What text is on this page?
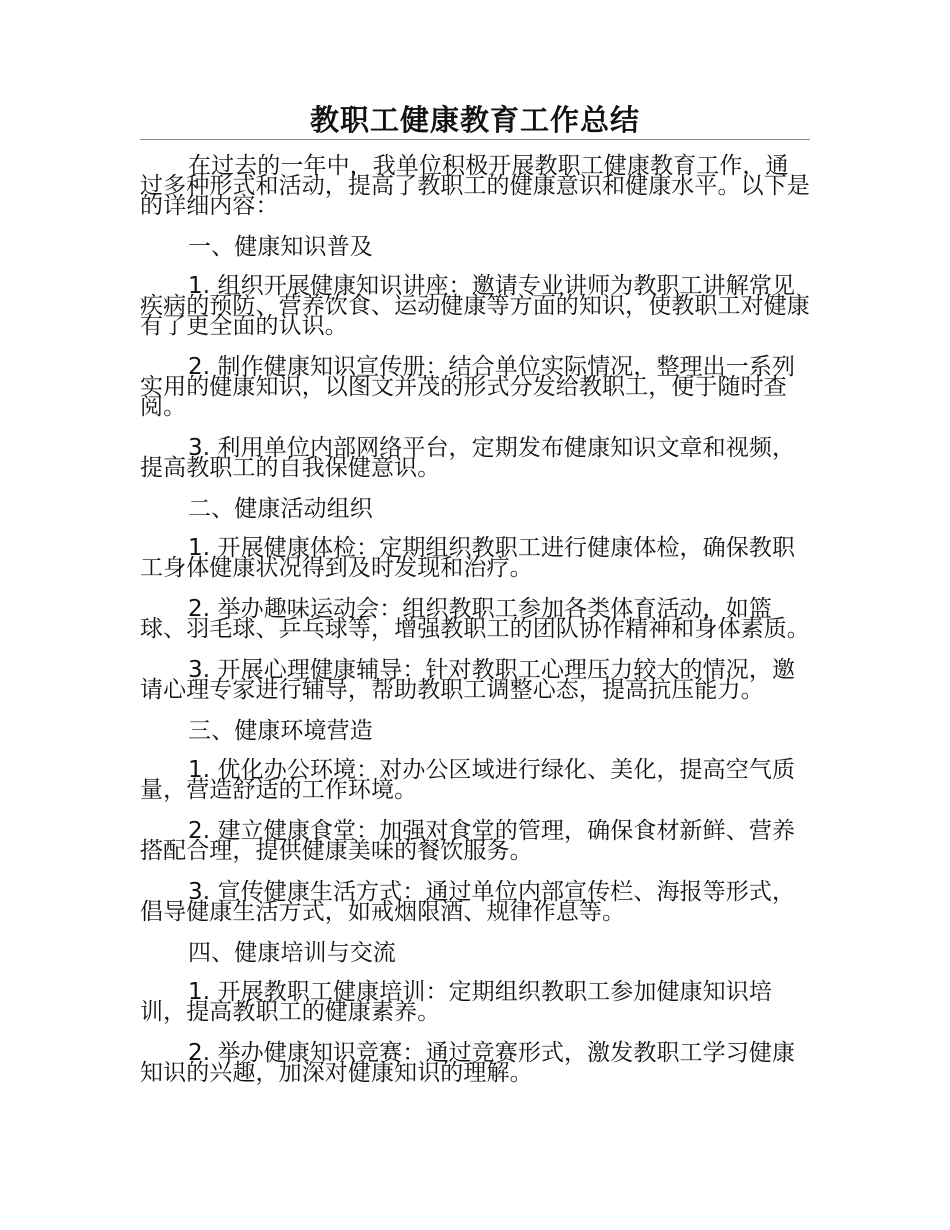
教职工健康教育工作总结

在过去的一年中，我单位积极开展教职工健康教育工作，通过多种形式和活动，提高了教职工的健康意识和健康水平。以下是的详细内容：

一、健康知识普及

1. 组织开展健康知识讲座：邀请专业讲师为教职工讲解常见疾病的预防、营养饮食、运动健康等方面的知识，使教职工对健康有了更全面的认识。

2. 制作健康知识宣传册：结合单位实际情况，整理出一系列实用的健康知识，以图文并茂的形式分发给教职工，便于随时查阅。

3. 利用单位内部网络平台，定期发布健康知识文章和视频，提高教职工的自我保健意识。

二、健康活动组织

1. 开展健康体检：定期组织教职工进行健康体检，确保教职工身体健康状况得到及时发现和治疗。

2. 举办趣味运动会：组织教职工参加各类体育活动，如篮球、羽毛球、乒乓球等，增强教职工的团队协作精神和身体素质。

3. 开展心理健康辅导：针对教职工心理压力较大的情况，邀请心理专家进行辅导，帮助教职工调整心态，提高抗压能力。

三、健康环境营造

1. 优化办公环境：对办公区域进行绿化、美化，提高空气质量，营造舒适的工作环境。

2. 建立健康食堂：加强对食堂的管理，确保食材新鲜、营养搭配合理，提供健康美味的餐饮服务。

3. 宣传健康生活方式：通过单位内部宣传栏、海报等形式，倡导健康生活方式，如戒烟限酒、规律作息等。

四、健康培训与交流

1. 开展教职工健康培训：定期组织教职工参加健康知识培训，提高教职工的健康素养。

2. 举办健康知识竞赛：通过竞赛形式，激发教职工学习健康知识的兴趣，加深对健康知识的理解。
